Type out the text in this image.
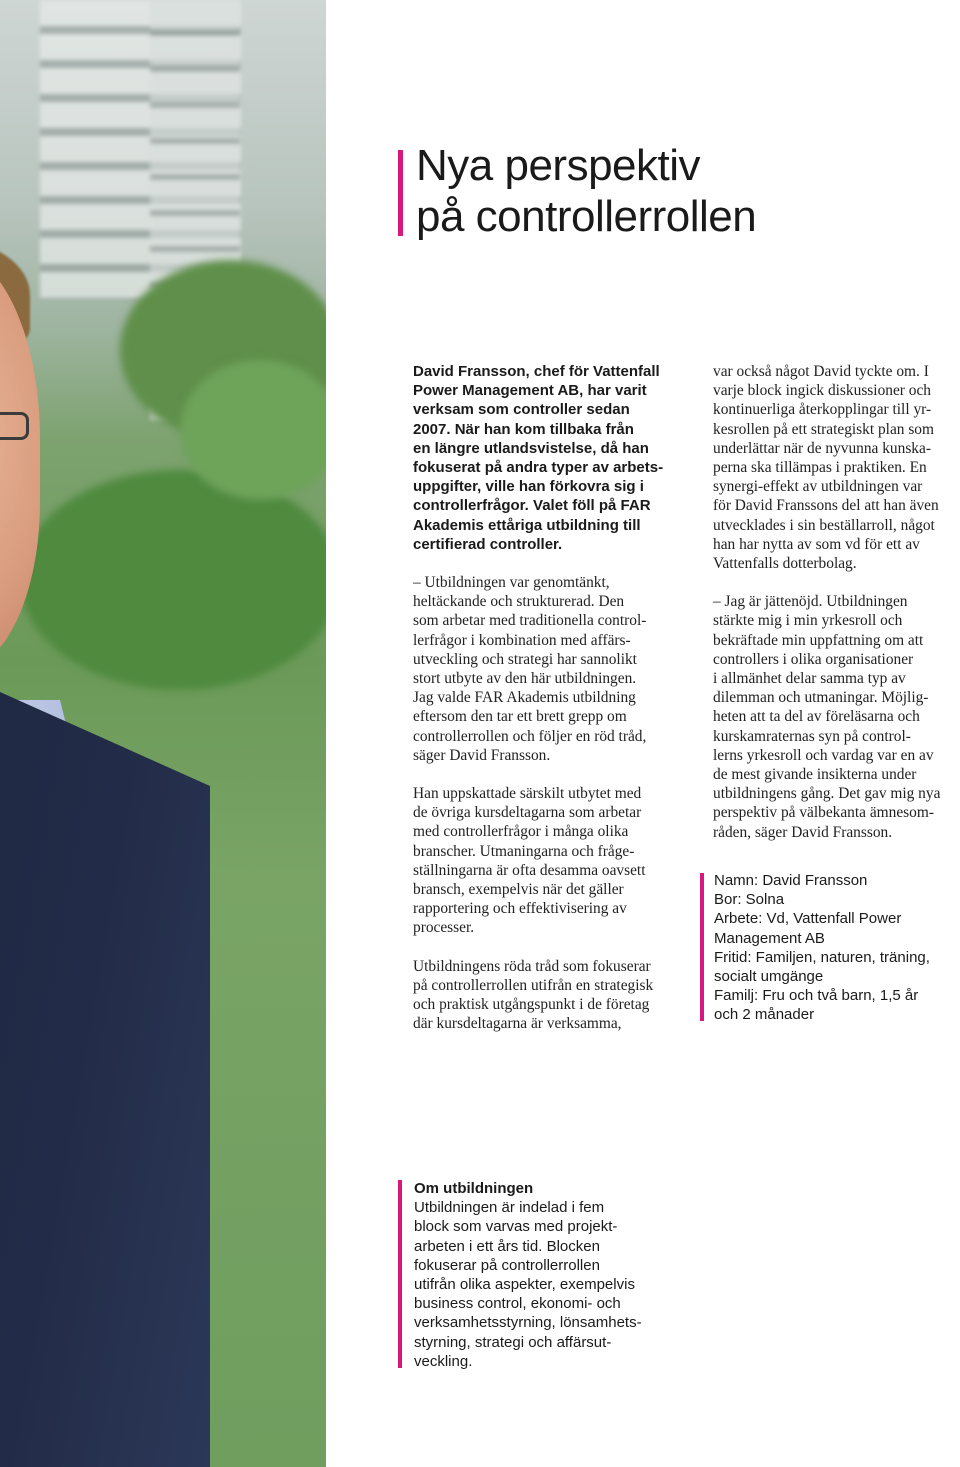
Nya perspektiv
på controllerrollen
David Fransson, chef för Vattenfall
Power Management AB, har varit
verksam som controller sedan
2007. När han kom tillbaka från
en längre utlandsvistelse, då han
fokuserat på andra typer av arbets-
uppgifter, ville han förkovra sig i
controllerfrågor. Valet föll på FAR
Akademis ettåriga utbildning till
certifierad controller.
– Utbildningen var genomtänkt,
heltäckande och strukturerad. Den
som arbetar med traditionella control-
lerfrågor i kombination med affärs-
utveckling och strategi har sannolikt
stort utbyte av den här utbildningen.
Jag valde FAR Akademis utbildning
eftersom den tar ett brett grepp om
controllerrollen och följer en röd tråd,
säger David Fransson.
Han uppskattade särskilt utbytet med
de övriga kursdeltagarna som arbetar
med controllerfrågor i många olika
branscher. Utmaningarna och fråge-
ställningarna är ofta desamma oavsett
bransch, exempelvis när det gäller
rapportering och effektivisering av
processer.
Utbildningens röda tråd som fokuserar
på controllerrollen utifrån en strategisk
och praktisk utgångspunkt i de företag
där kursdeltagarna är verksamma,
var också något David tyckte om. I
varje block ingick diskussioner och
kontinuerliga återkopplingar till yr-
kesrollen på ett strategiskt plan som
underlättar när de nyvunna kunska-
perna ska tillämpas i praktiken. En
synergi-effekt av utbildningen var
för David Franssons del att han även
utvecklades i sin beställarroll, något
han har nytta av som vd för ett av
Vattenfalls dotterbolag.
– Jag är jättenöjd. Utbildningen
stärkte mig i min yrkesroll och
bekräftade min uppfattning om att
controllers i olika organisationer
i allmänhet delar samma typ av
dilemman och utmaningar. Möjlig-
heten att ta del av föreläsarna och
kurskamraternas syn på control-
lerns yrkesroll och vardag var en av
de mest givande insikterna under
utbildningens gång. Det gav mig nya
perspektiv på välbekanta ämnesom-
råden, säger David Fransson.
Namn: David Fransson
Bor: Solna
Arbete: Vd, Vattenfall Power
Management AB
Fritid: Familjen, naturen, träning,
socialt umgänge
Familj: Fru och två barn, 1,5 år
och 2 månader
Om utbildningen
Utbildningen är indelad i fem
block som varvas med projekt-
arbeten i ett års tid. Blocken
fokuserar på controllerrollen
utifrån olika aspekter, exempelvis
business control, ekonomi- och
verksamhetsstyrning, lönsamhets-
styrning, strategi och affärsut-
veckling.
